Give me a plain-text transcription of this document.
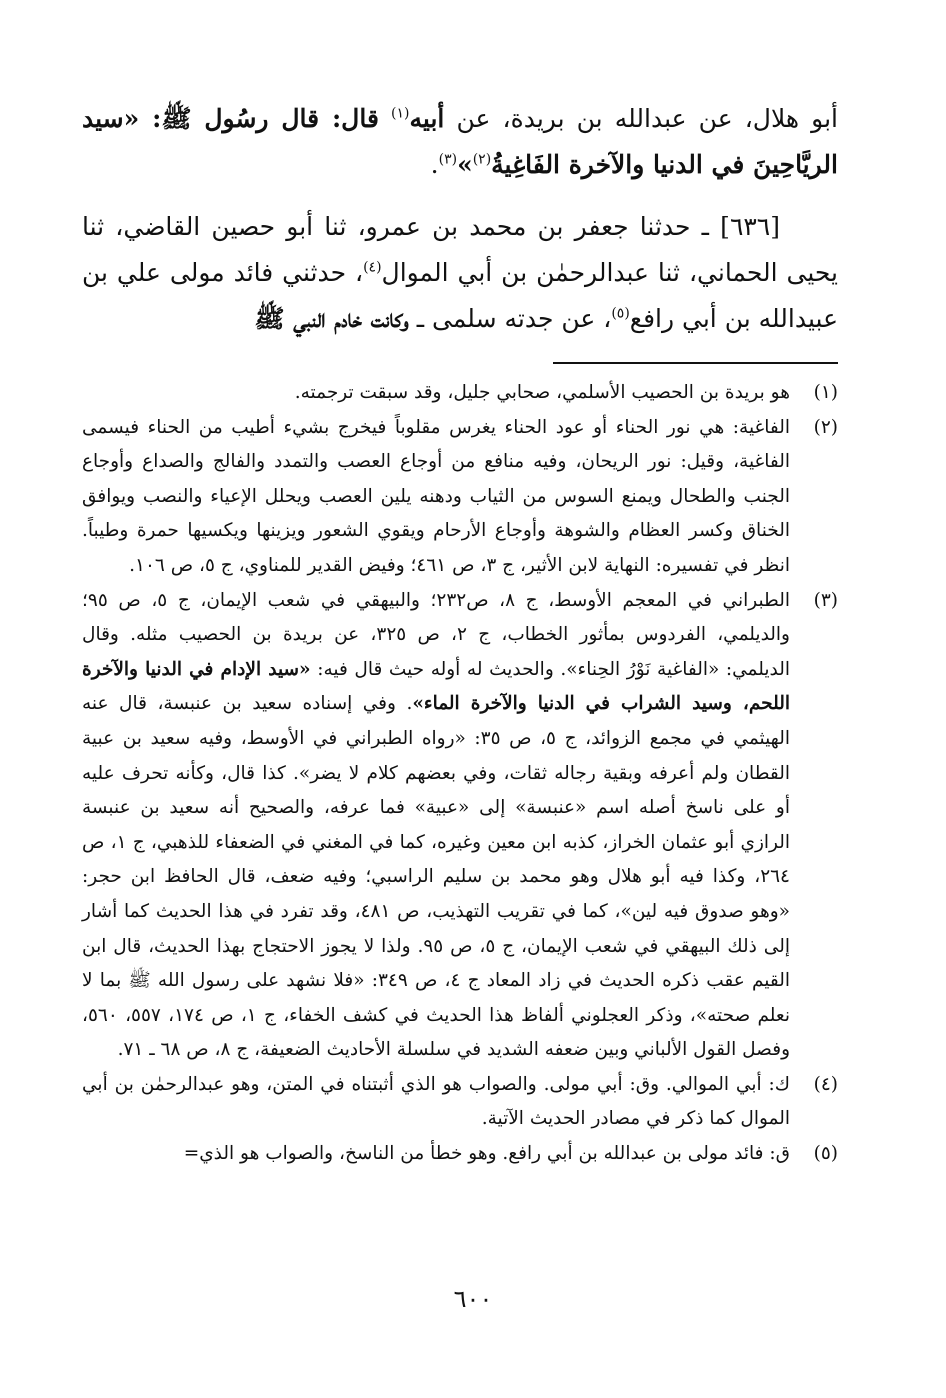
أبو هلال، عن عبدالله بن بريدة، عن أبيه$^{(١)}$ قال: قال رسُول ﷺ: «سيد الريَّاحِينَ في الدنيا والآخرة الفَاغِيةُ$^{(٢)}$»$^{(٣)}$.

[٦٣٦] ـ حدثنا جعفر بن محمد بن عمرو، ثنا أبو حصين القاضي، ثنا يحيى الحماني، ثنا عبدالرحمٰن بن أبي الموال$^{(٤)}$، حدثني فائد مولى علي بن عبيدالله بن أبي رافع$^{(٥)}$، عن جدته سلمى ـ وكانت خادم النبي ﷺ

(١)
هو بريدة بن الحصيب الأسلمي، صحابي جليل، وقد سبقت ترجمته.
(٢)
الفاغية: هي نور الحناء أو عود الحناء يغرس مقلوباً فيخرج بشيء أطيب من الحناء فيسمى الفاغية، وقيل: نور الريحان، وفيه منافع من أوجاع العصب والتمدد والفالج والصداع وأوجاع الجنب والطحال ويمنع السوس من الثياب ودهنه يلين العصب ويحلل الإعياء والنصب ويوافق الخناق وكسر العظام والشوهة وأوجاع الأرحام ويقوي الشعور ويزينها ويكسيها حمرة وطيباً. انظر في تفسيره: النهاية لابن الأثير، ج ٣، ص ٤٦١؛ وفيض القدير للمناوي، ج ٥، ص ١٠٦.
(٣)
الطبراني في المعجم الأوسط، ج ٨، ص٢٣٢؛ والبيهقي في شعب الإيمان، ج ٥، ص ٩٥؛ والديلمي، الفردوس بمأثور الخطاب، ج ٢، ص ٣٢٥، عن بريدة بن الحصيب مثله. وقال الديلمي: «الفاغية نَوْرُ الحِناء». والحديث له أوله حيث قال فيه: «سيد الإدام في الدنيا والآخرة اللحم، وسيد الشراب في الدنيا والآخرة الماء». وفي إسناده سعيد بن عنبسة، قال عنه الهيثمي في مجمع الزوائد، ج ٥، ص ٣٥: «رواه الطبراني في الأوسط، وفيه سعيد بن عبية القطان ولم أعرفه وبقية رجاله ثقات، وفي بعضهم كلام لا يضر». كذا قال، وكأنه تحرف عليه أو على ناسخ أصله اسم «عنبسة» إلى «عبية» فما عرفه، والصحيح أنه سعيد بن عنبسة الرازي أبو عثمان الخراز، كذبه ابن معين وغيره، كما في المغني في الضعفاء للذهبي، ج ١، ص ٢٦٤، وكذا فيه أبو هلال وهو محمد بن سليم الراسبي؛ وفيه ضعف، قال الحافظ ابن حجر: «وهو صدوق فيه لين»، كما في تقريب التهذيب، ص ٤٨١، وقد تفرد في هذا الحديث كما أشار إلى ذلك البيهقي في شعب الإيمان، ج ٥، ص ٩٥. ولذا لا يجوز الاحتجاج بهذا الحديث، قال ابن القيم عقب ذكره الحديث في زاد المعاد ج ٤، ص ٣٤٩: «فلا نشهد على رسول الله ﷺ بما لا نعلم صحته»، وذكر العجلوني ألفاظ هذا الحديث في كشف الخفاء، ج ١، ص ١٧٤، ٥٥٧، ٥٦٠، وفصل القول الألباني وبين ضعفه الشديد في سلسلة الأحاديث الضعيفة، ج ٨، ص ٦٨ ـ ٧١.
(٤)
ك: أبي الموالي. وق: أبي مولى. والصواب هو الذي أثبتناه في المتن، وهو عبدالرحمٰن بن أبي الموال كما ذكر في مصادر الحديث الآتية.
(٥)
ق: فائد مولى بن عبدالله بن أبي رافع. وهو خطأ من الناسخ، والصواب هو الذي=
٦٠٠
